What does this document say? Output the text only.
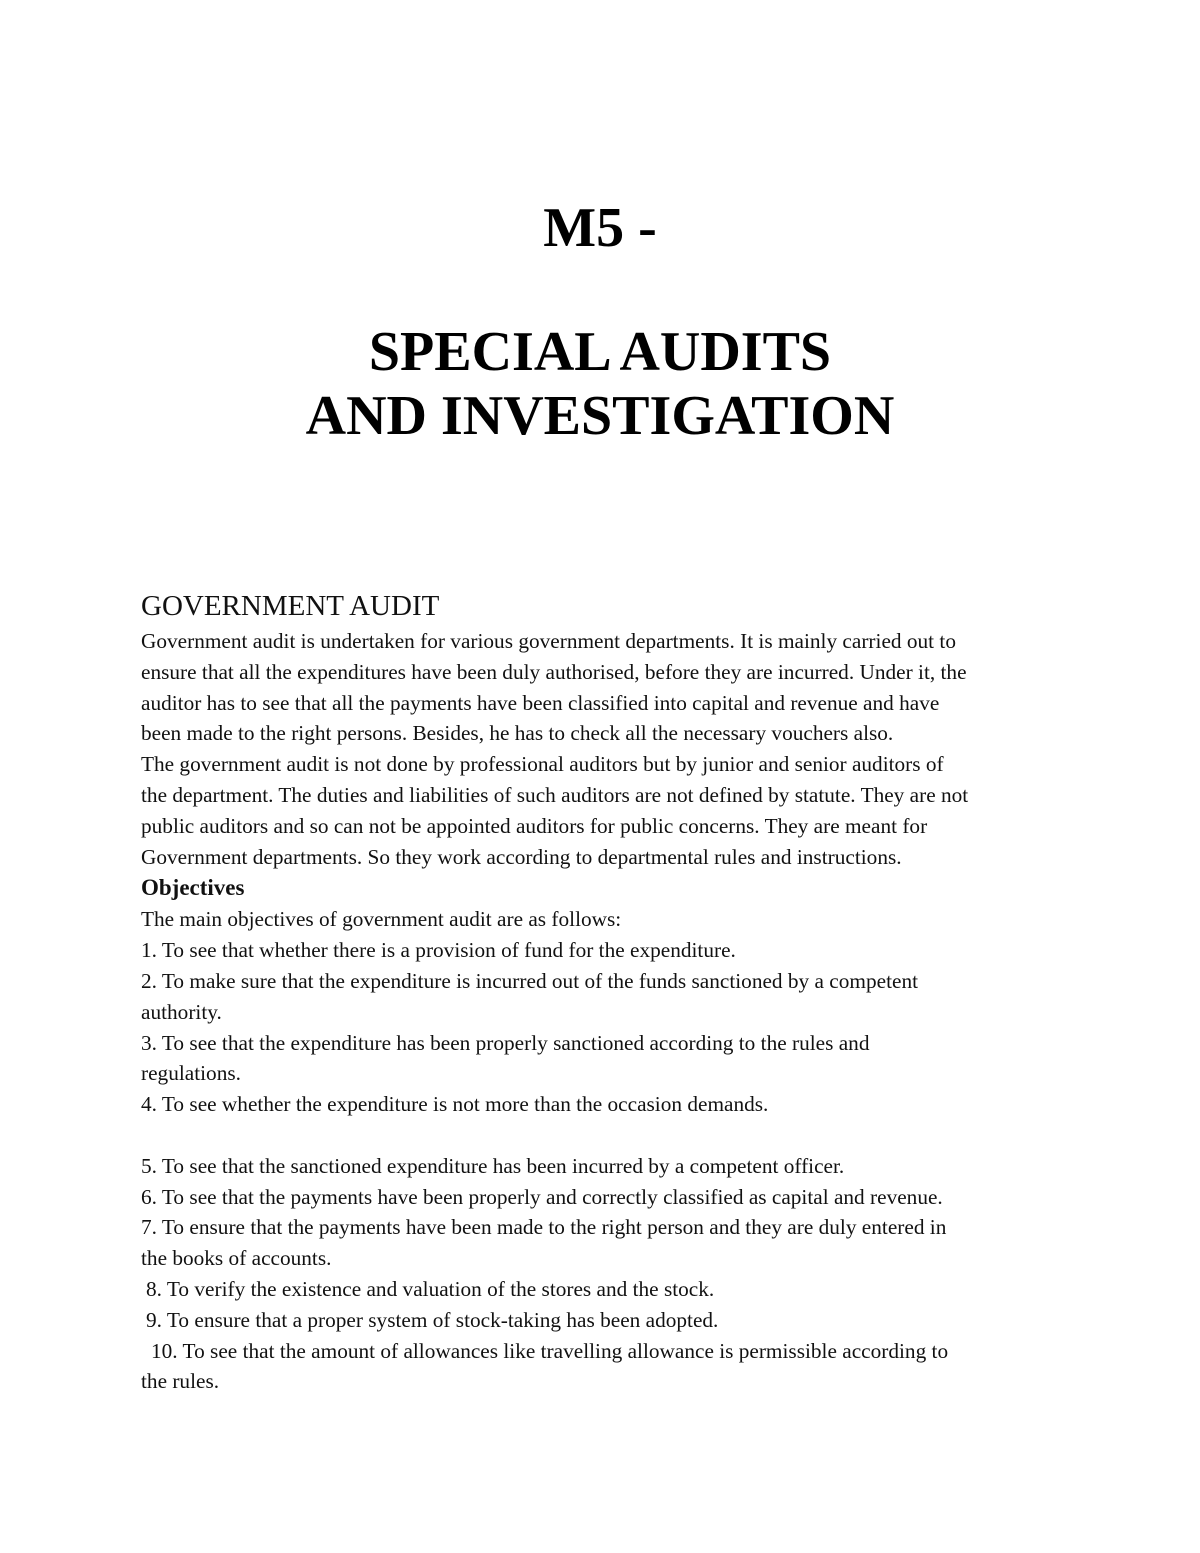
M5 -
SPECIAL AUDITS
AND INVESTIGATION
GOVERNMENT AUDIT

Government audit is undertaken for various government departments. It is mainly carried out to

ensure that all the expenditures have been duly authorised, before they are incurred. Under it, the

auditor has to see that all the payments have been classified into capital and revenue and have

been made to the right persons. Besides, he has to check all the necessary vouchers also.

The government audit is not done by professional auditors but by junior and senior auditors of

the department. The duties and liabilities of such auditors are not defined by statute. They are not

public auditors and so can not be appointed auditors for public concerns. They are meant for

Government departments. So they work according to departmental rules and instructions.

Objectives

The main objectives of government audit are as follows:

1. To see that whether there is a provision of fund for the expenditure.

2. To make sure that the expenditure is incurred out of the funds sanctioned by a competent

authority.

3. To see that the expenditure has been properly sanctioned according to the rules and

regulations.

4. To see whether the expenditure is not more than the occasion demands.

5. To see that the sanctioned expenditure has been incurred by a competent officer.

6. To see that the payments have been properly and correctly classified as capital and revenue.

7. To ensure that the payments have been made to the right person and they are duly entered in

the books of accounts.

8. To verify the existence and valuation of the stores and the stock.

9. To ensure that a proper system of stock-taking has been adopted.

10. To see that the amount of allowances like travelling allowance is permissible according to

the rules.
